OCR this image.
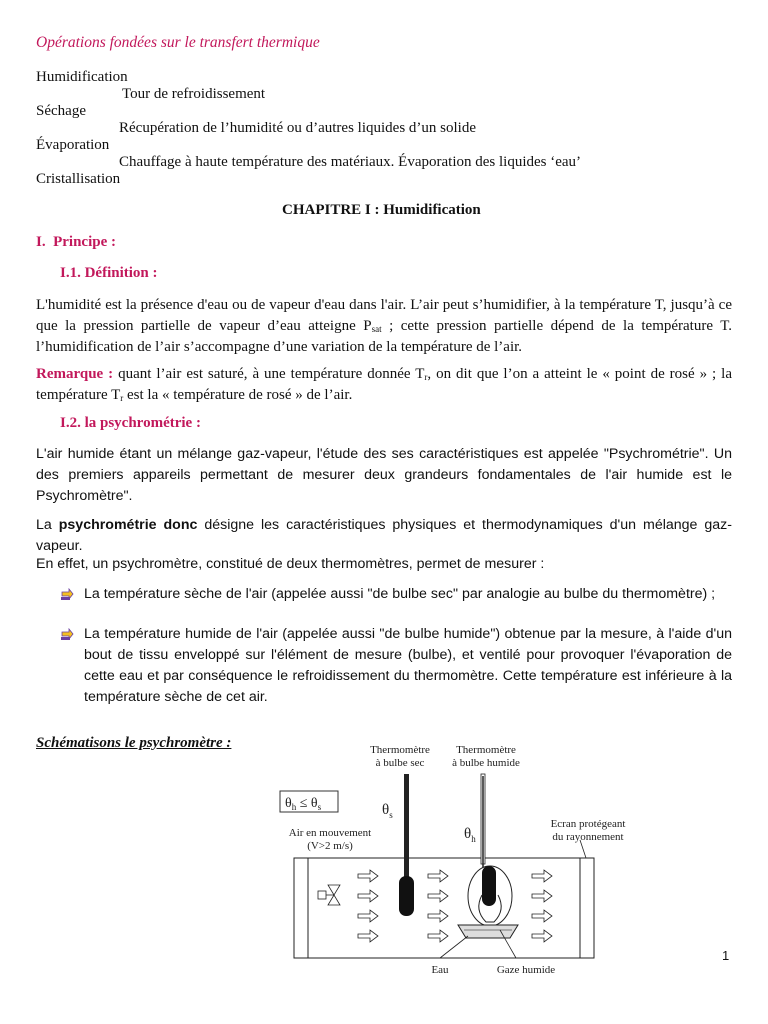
Opérations fondées sur le transfert thermique
Humidification
Tour de refroidissement
Séchage
Récupération de l’humidité ou d’autres liquides d’un solide
Évaporation
Chauffage à haute température des matériaux. Évaporation des liquides ‘eau’
Cristallisation
CHAPITRE I : Humidification
I. Principe :
I.1. Définition :
L'humidité est la présence d'eau ou de vapeur d'eau dans l'air. L’air peut s’humidifier, à la température T, jusqu’à ce que la pression partielle de vapeur d’eau atteigne $P_{sat}$ ; cette pression partielle dépend de la température T. l’humidification de l’air s’accompagne d’une variation de la température de l’air.
Remarque : quant l’air est saturé, à une température donnée $T_r$, on dit que l’on a atteint le « point de rosé » ; la température $T_r$ est la « température de rosé » de l’air.
I.2. la psychrométrie :
L'air humide étant un mélange gaz-vapeur, l'étude des ses caractéristiques est appelée "Psychrométrie". Un des premiers appareils permettant de mesurer deux grandeurs fondamentales de l'air humide est le Psychromètre".
La psychrométrie donc désigne les caractéristiques physiques et thermodynamiques d'un mélange gaz-vapeur.
En effet, un psychromètre, constitué de deux thermomètres, permet de mesurer :
La température sèche de l'air (appelée aussi "de bulbe sec" par analogie au bulbe du thermomètre) ;
La température humide de l'air (appelée aussi "de bulbe humide") obtenue par la mesure, à l'aide d'un bout de tissu enveloppé sur l'élément de mesure (bulbe), et ventilé pour provoquer l'évaporation de cette eau et par conséquence le refroidissement du thermomètre. Cette température est inférieure à la température sèche de cet air.
Schématisons le psychromètre :	Thermomètre
à bulbe sec
Thermomètre
à bulbe humide
$\theta_h \le \theta_s$	$\theta_s$
$\theta_h$
Air en mouvement
(V>2 m/s)
Ecran protégeant
du rayonnement
Eau	Gaze humide
1
